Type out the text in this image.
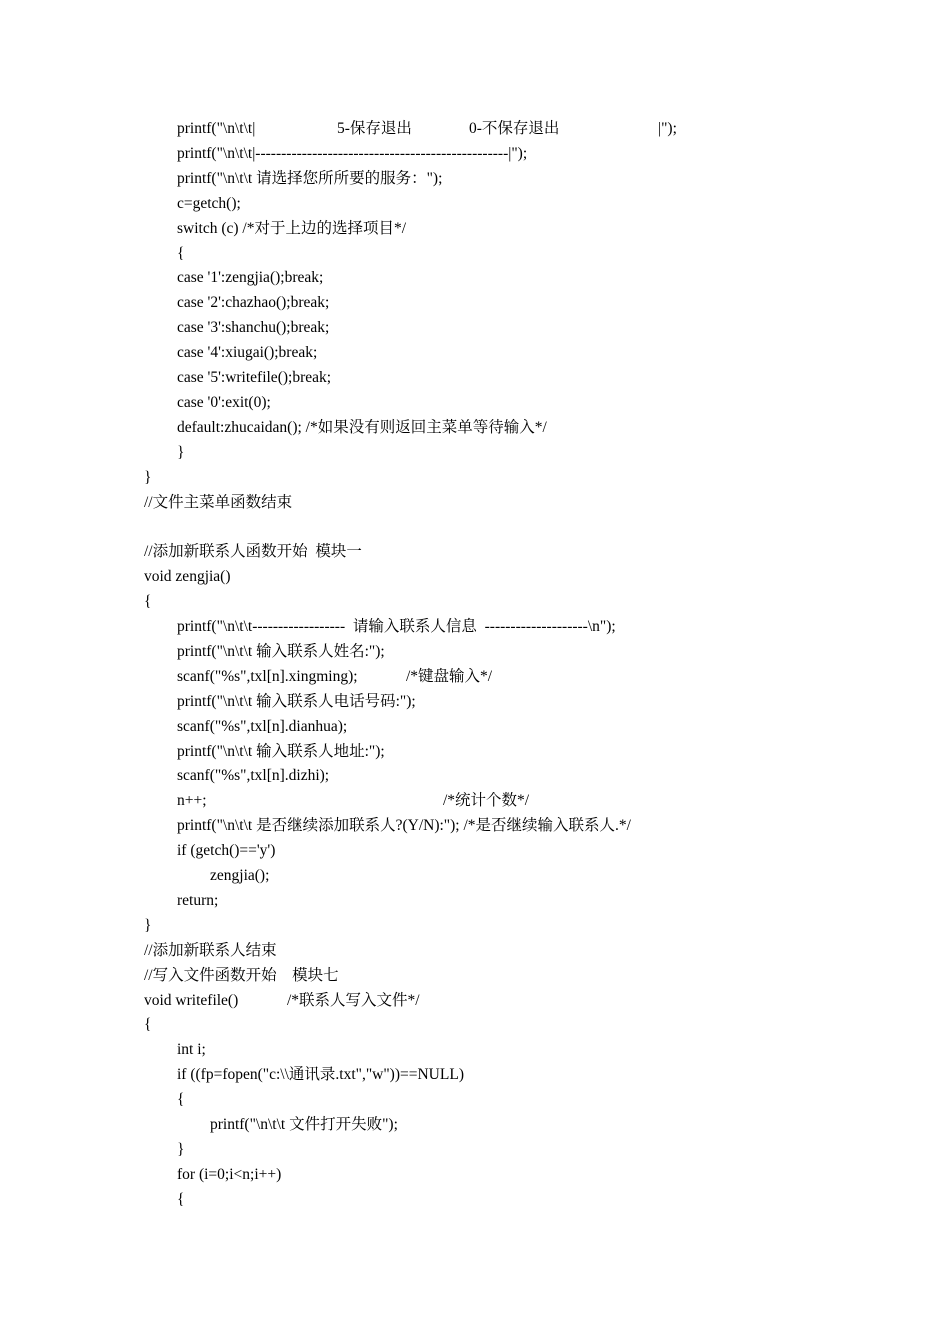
printf("\n\t\t|	5-保存退出	0-不保存退出	|");
printf("\n\t\t|-------------------------------------------------|");
printf("\n\t\t 请选择您所所要的服务：");
c=getch();
switch (c) /*对于上边的选择项目*/
{
case '1':zengjia();break;
case '2':chazhao();break;
case '3':shanchu();break;
case '4':xiugai();break;
case '5':writefile();break;
case '0':exit(0);
default:zhucaidan(); /*如果没有则返回主菜单等待输入*/
}
}
//文件主菜单函数结束
//添加新联系人函数开始  模块一
void zengjia()
{
printf("\n\t\t------------------  请输入联系人信息  --------------------\n");
printf("\n\t\t 输入联系人姓名:");
scanf("%s",txl[n].xingming);	/*键盘输入*/
printf("\n\t\t 输入联系人电话号码:");
scanf("%s",txl[n].dianhua);
printf("\n\t\t 输入联系人地址:");
scanf("%s",txl[n].dizhi);
n++;	/*统计个数*/
printf("\n\t\t 是否继续添加联系人?(Y/N):"); /*是否继续输入联系人.*/
if (getch()=='y')
zengjia();
return;
}
//添加新联系人结束
//写入文件函数开始    模块七
void writefile()	/*联系人写入文件*/
{
int i;
if ((fp=fopen("c:\\通讯录.txt","w"))==NULL)
{
printf("\n\t\t 文件打开失败");
}
for (i=0;i<n;i++)
{
